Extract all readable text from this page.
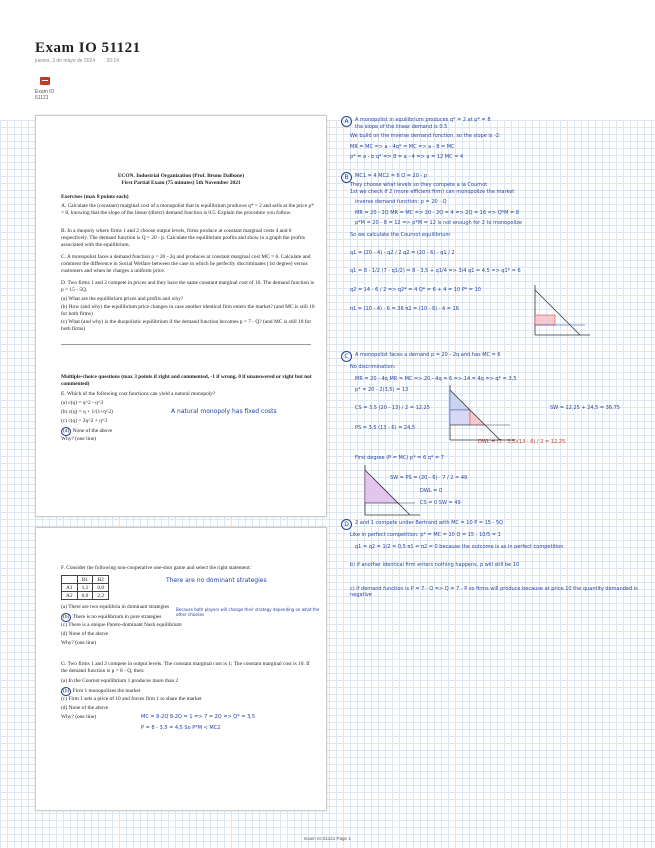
Exam IO 51121
jueves, 3 de mayo de 2024 20:14
Exam IO
51121
ECON. Industrial Organization (Prof. Bruno Dalbone)
First Partial Exam (75 minutes) 5th November 2021
Exercises (max 8 points each)
A. Calculate the (constant) marginal cost of a monopolist that in equilibrium produces q* = 2 and sells at the price p* = 8, knowing that the slope of the linear (direct) demand function is 0.5. Explain the procedure you follow.
B. In a duopoly where firms 1 and 2 choose output levels, firms produce at constant marginal costs 4 and 6 respectively. The demand function is Q = 20 - p. Calculate the equilibrium profits and show in a graph the profits associated with the equilibrium.
C. A monopolist faces a demand function p = 20 - 2q and produces at constant marginal cost MC = 6. Calculate and comment the difference in Social Welfare between the case in which he perfectly discriminates (1st degree) versus customers and when he charges a uniform price.
D. Two firms 1 and 2 compete in prices and they have the same constant marginal cost of 10. The demand function is p = 15 - 5Q.
(a) What are the equilibrium prices and profits and why?
(b) How (and why) the equilibrium price changes in case another identical firm enters the market? (and MC is still 10 for both firms)
(c) What (and why) is the duopolistic equilibrium if the demand function becomes p = 7 - Q? (and MC is still 10 for both firms)
Multiple-choice questions (max 3 points if right and commented, -1 if wrong, 0 if unanswered or right but not commented)
E. Which of the following cost functions can yield a natural monopoly?
(a) c(q) = q^2 - q^3
(b) c(q) = q + 1/(1+q^2)
(c) c(q) = 2q^2 + q^3
(d) None of the above
Why? (one line)
A natural monopoly has fixed costs
F. Consider the following non-cooperative one-shot game and select the right statement:
	B1	B2
A1	1,1	0,0
A2	0,0	2,2
There are no dominant strategies
(a) There are two equilibria in dominant strategies
(b) There is no equilibrium in pure strategies
Because both players will change their strategy depending on what the other chooses
(c) There is a unique Pareto-dominant Nash equilibrium
(d) None of the above
Why? (one line)
G. Two firms 1 and 2 compete in output levels. The constant marginal cost is 1; The constant marginal cost is 10. If the demand function is p = 8 - Q, then:
(a) In the Cournot equilibrium 1 produces more than 2
(b) Firm 1 monopolizes the market
(c) Firm 1 sets a price of 10 and forces firm 1 to share the market
(d) None of the above
Why? (one line)	MC = 8-2Q 8-2Q = 1 => 7 = 2Q => Q* = 3,5
P = 8 - 3,5 = 4,5 So P*M < MC2
A	A monopolist in equilibrium produces q* = 2 at p* = 8
the slope of the linear demand is 0.5
We build on the inverse demand function, so the slope is -2:
MR = MC => a - 4q* = MC => a - 8 = MC
p* = a - b q* => 8 = a - 4 => a = 12 MC = 4
B	MC1 = 4 MC2 = 6 Q = 20 - p
They choose what levels so they compete a la Cournot
1st we check if 2 (more efficient firm) can monopolize the market
inverse demand function: p = 20 - Q
MR = 20 - 2Q MR = MC => 20 - 2Q = 4 => 2Q = 16 => Q*M = 8
p*M = 20 - 8 = 12 => p*M = 12 is not enough for 2 to monopolize
So we calculate the Cournot equilibrium
q1 = (20 - 4) - q2 / 2 q2 = (20 - 6) - q1 / 2
q1 = 8 - 1/2 (7 - q1/2) = 8 - 3,5 + q1/4 => 3/4 q1 = 4,5 => q1* = 6
q2 = 14 - 6 / 2 => q2* = 4 Q* = 6 + 4 = 10 P* = 10
π1 = (10 - 4) · 6 = 36 π2 = (10 - 6) · 4 = 16
C	A monopolist faces a demand p = 20 - 2q and has MC = 6
No discrimination:
MR = 20 - 4q MR = MC => 20 - 4q = 6 => 14 = 4q => q* = 3,5
p* = 20 - 2(3,5) = 13
CS = 3,5 (20 - 13) / 2 = 12,25
PS = 3,5 (13 - 6) = 24,5
SW = 12,25 + 24,5 = 36,75
DWL = (7 - 3,5)(13 - 6) / 2 = 12,25
First degree (P = MC) p* = 6 q* = 7
SW = PS = (20 - 6) · 7 / 2 = 49
DWL = 0
CS = 0 SW = 49
D	2 and 1 compete under Bertrand with MC = 10 P = 15 - 5Q
Like in perfect competition: p* = MC = 10 Q = 15 - 10/5 = 1
q1 = q2 = 1/2 = 0,5 π1 = π2 = 0 because the outcome is as in perfect competition
b) if another identical firm enters nothing happens, p will still be 10
c) if demand function is P = 7 - Q => Q = 7 - P so firms will produce because at price 10 the quantity demanded is negative
Exam IO 51121 Page 1
